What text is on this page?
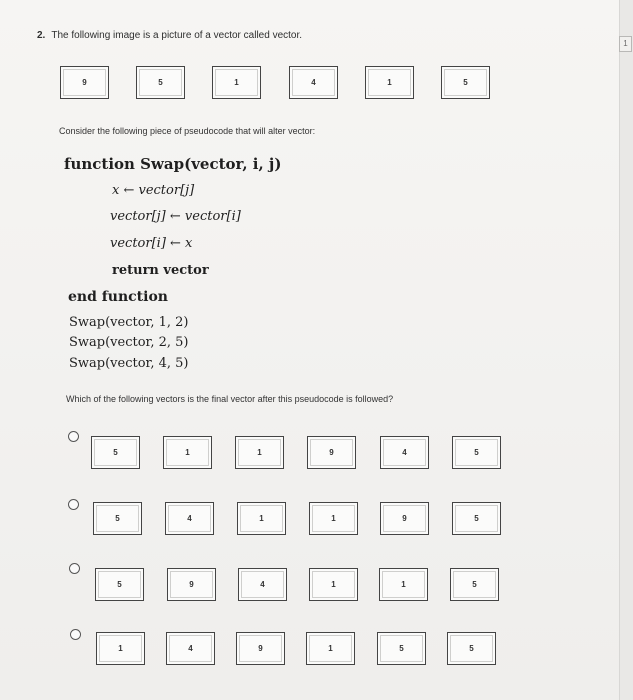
1
2. The following image is a picture of a vector called vector.
9	5	1	4	1	5
Consider the following piece of pseudocode that will alter vector:
function Swap(vector, i, j)
x ← vector[j]
vector[j] ← vector[i]
vector[i] ← x
return vector
end function
Swap(vector, 1, 2)
Swap(vector, 2, 5)
Swap(vector, 4, 5)
Which of the following vectors is the final vector after this pseudocode is followed?
5	1	1	9	4	5
5	4	1	1	9	5
5	9	4	1	1	5
1	4	9	1	5	5
